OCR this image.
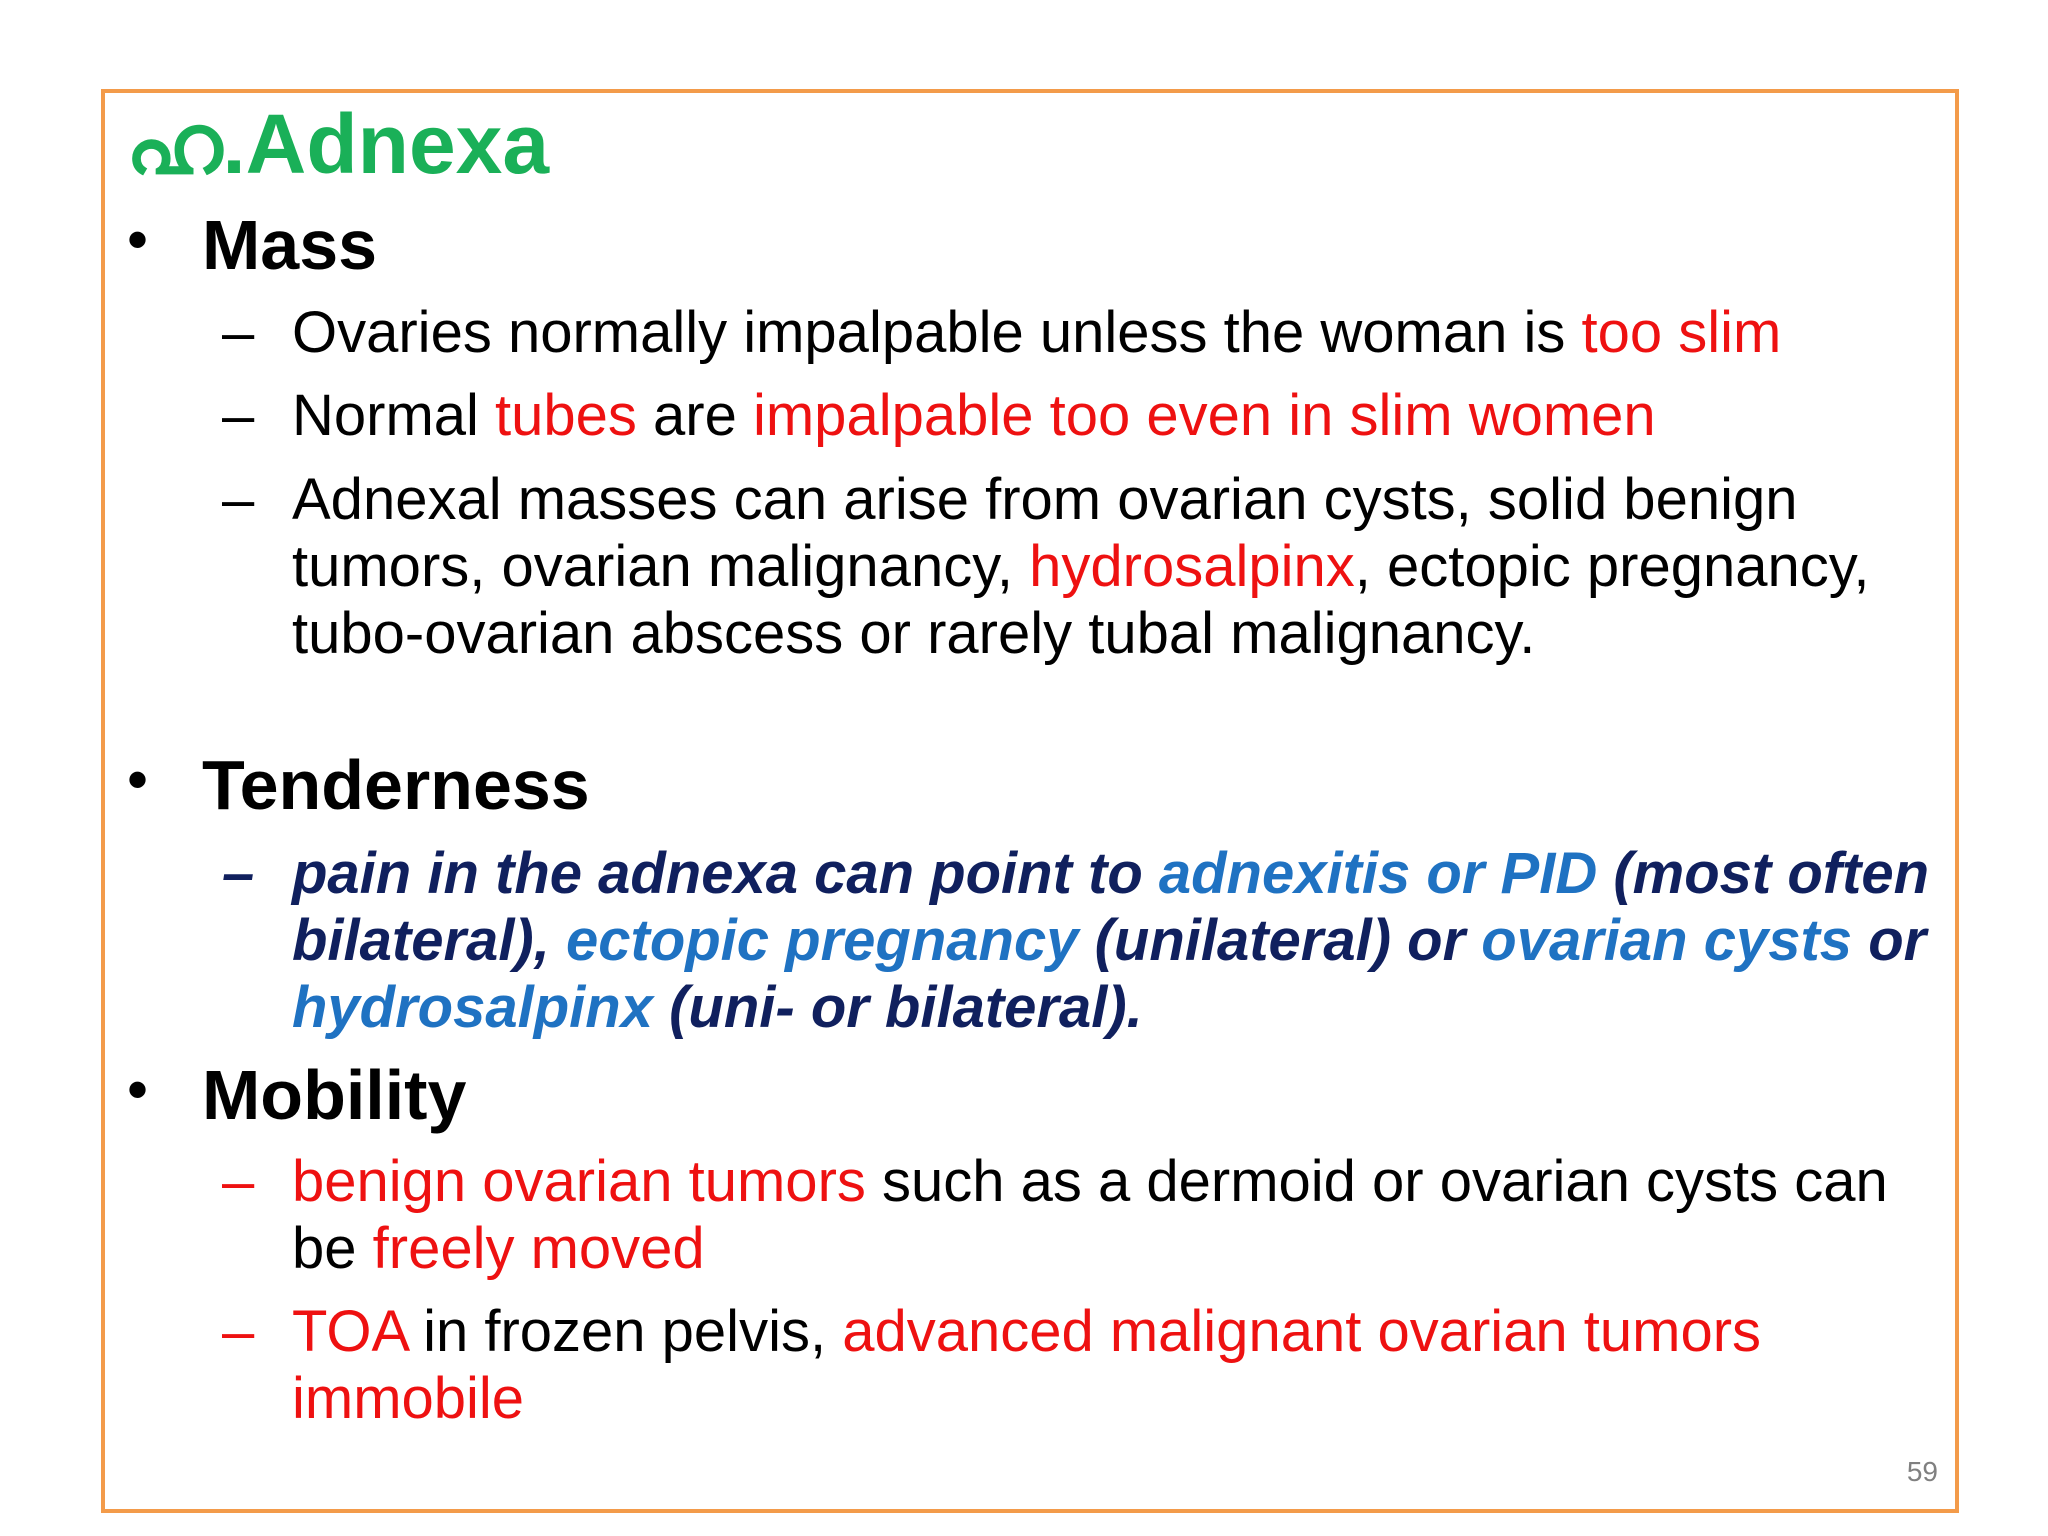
ഹ.Adnexa
• Mass
– Ovaries normally impalpable unless the woman is too slim
– Normal tubes are impalpable too even in slim women
– Adnexal masses can arise from ovarian cysts, solid benign tumors, ovarian malignancy, hydrosalpinx, ectopic pregnancy, tubo-ovarian abscess or rarely tubal malignancy.
• Tenderness
– pain in the adnexa can point to adnexitis or PID (most often bilateral), ectopic pregnancy (unilateral) or ovarian cysts or hydrosalpinx (uni- or bilateral).
• Mobility
– benign ovarian tumors such as a dermoid or ovarian cysts can be freely moved
– TOA in frozen pelvis, advanced malignant ovarian tumors immobile
59
